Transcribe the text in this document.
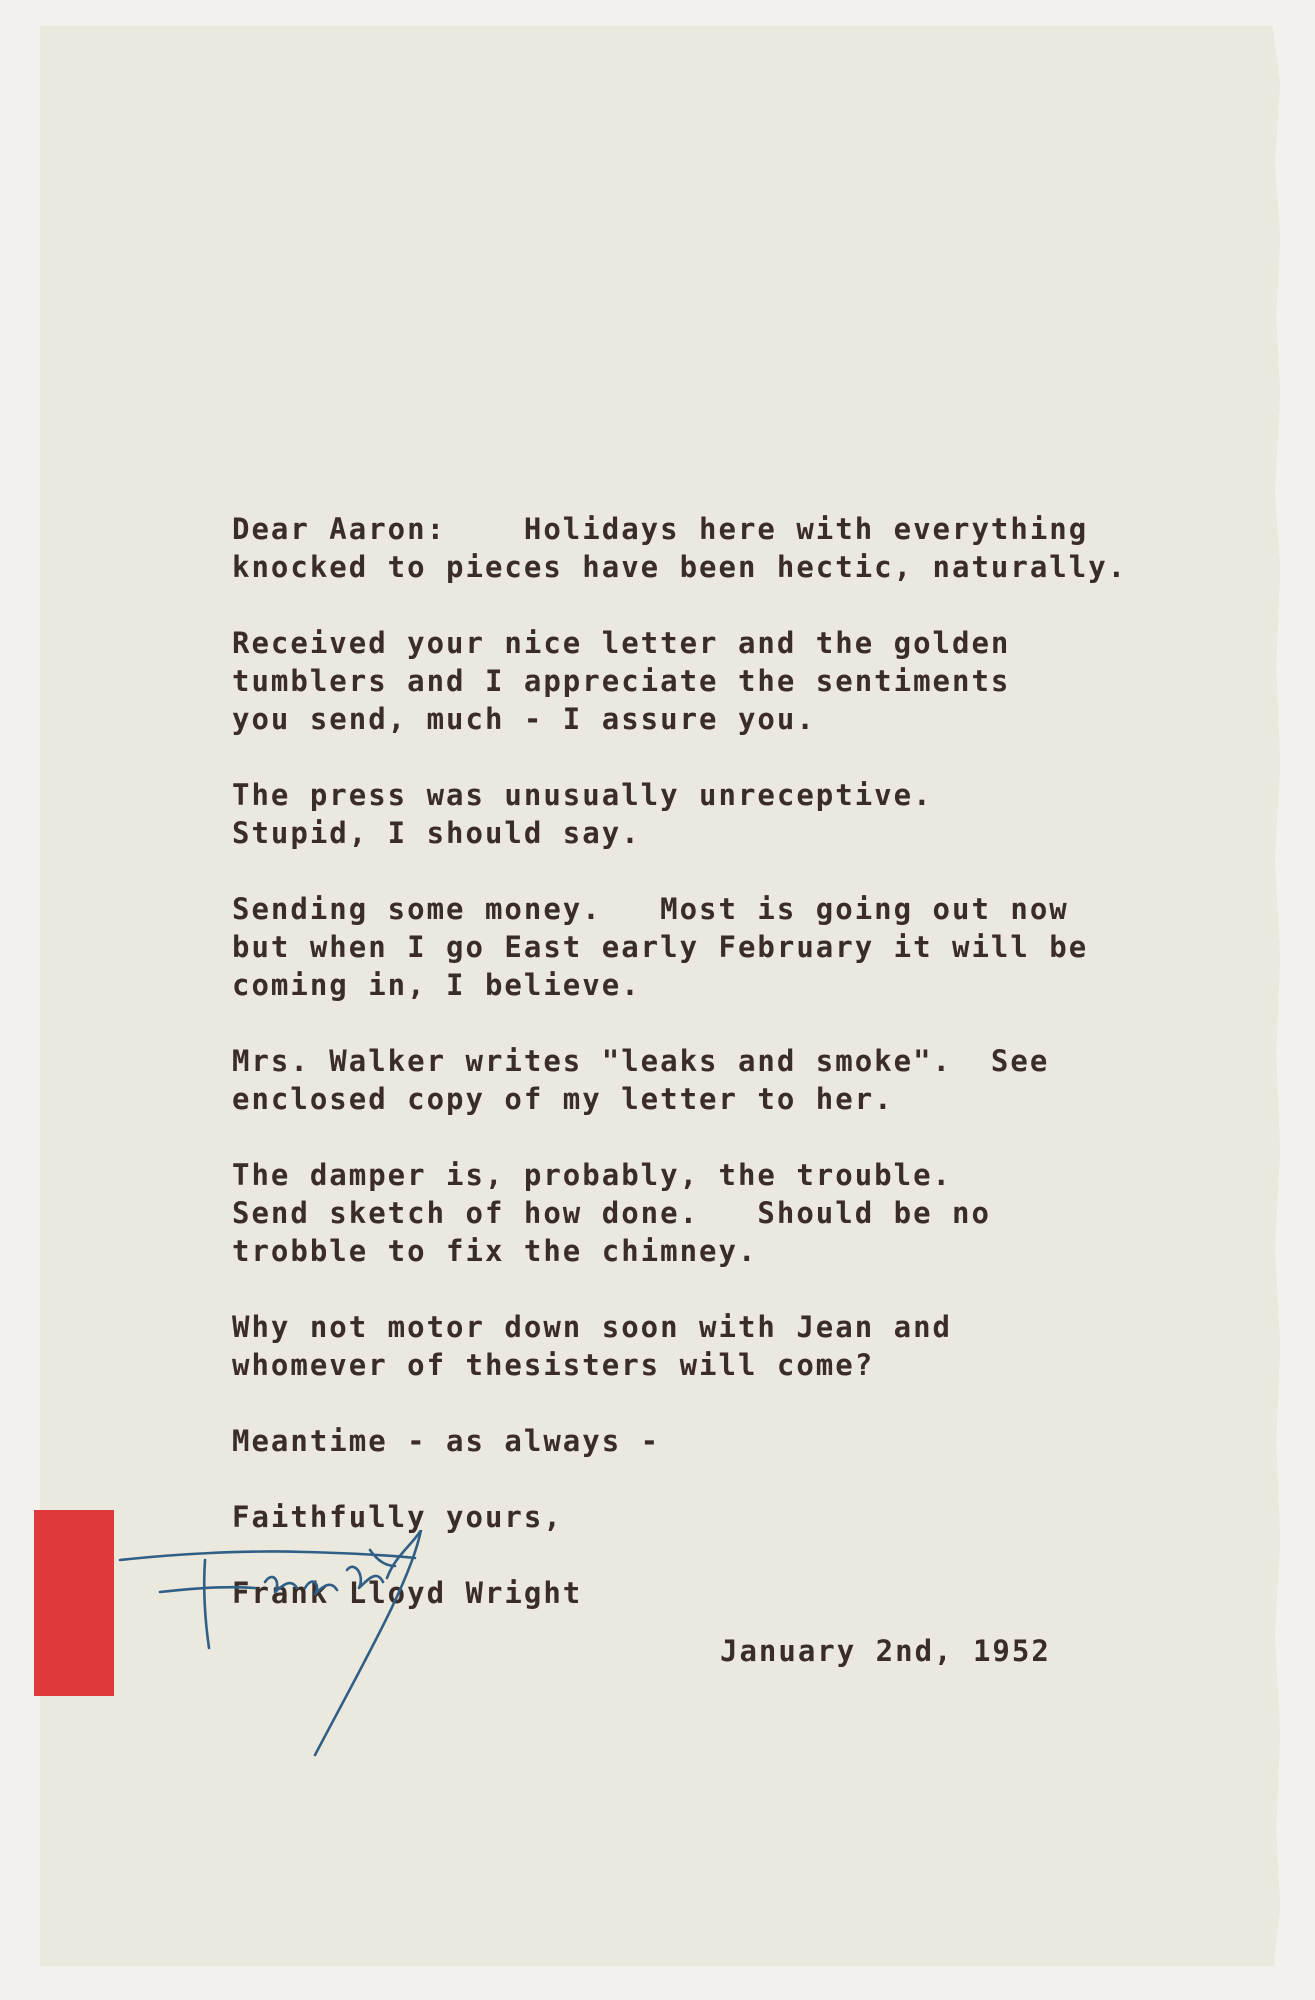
Dear Aaron:    Holidays here with everything
knocked to pieces have been hectic, naturally.
Received your nice letter and the golden
tumblers and I appreciate the sentiments
you send, much - I assure you.
The press was unusually unreceptive.
Stupid, I should say.
Sending some money.   Most is going out now
but when I go East early February it will be
coming in, I believe.
Mrs. Walker writes "leaks and smoke".  See
enclosed copy of my letter to her.
The damper is, probably, the trouble.
Send sketch of how done.   Should be no
trobble to fix the chimney.
Why not motor down soon with Jean and
whomever of thesisters will come?
Meantime - as always -
Faithfully yours,
Frank Lloyd Wright
January 2nd, 1952
